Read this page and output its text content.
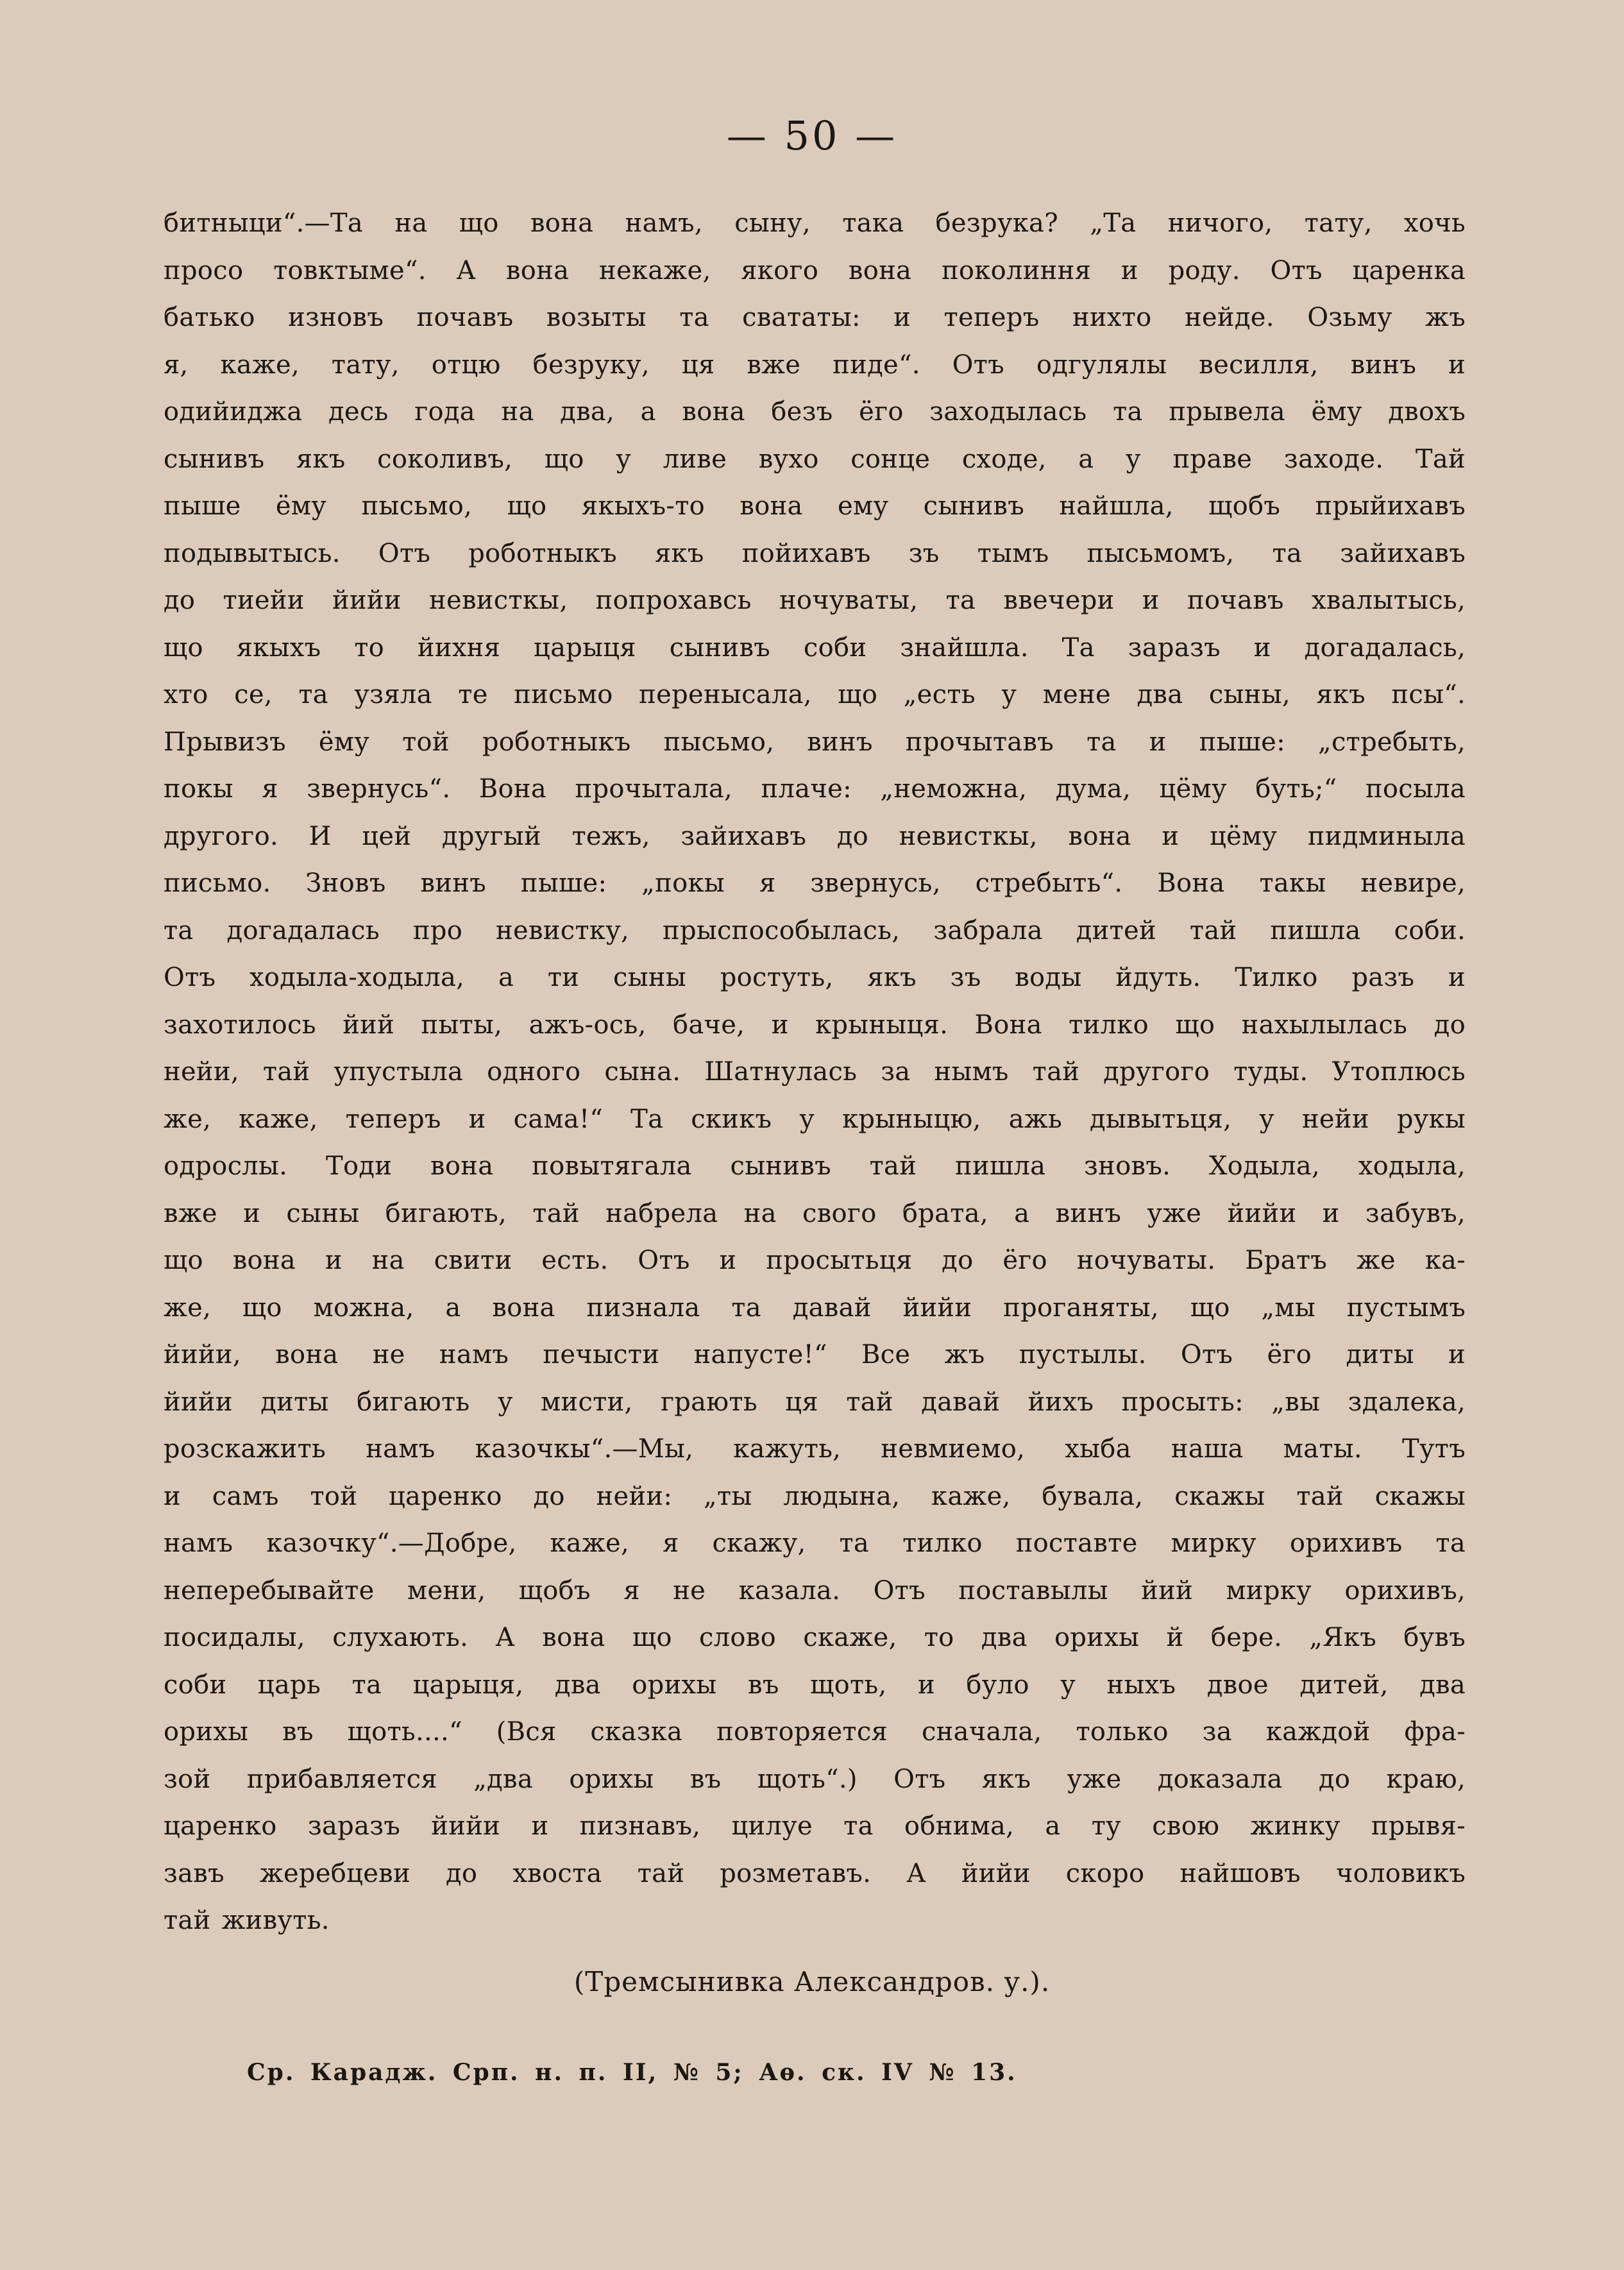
— 50 —
битныци“.—Та на що вона намъ, сыну, така безрука? „Та ничого, тату, хочь
просо товктыме“. А вона некаже, якого вона поколиння и роду. Отъ царенка
батько изновъ почавъ возыты та свататы: и теперъ нихто нейде. Озьму жъ
я, каже, тату, отцю безруку, ця вже пиде“. Отъ одгулялы весилля, винъ и
одийиджа десь года на два, а вона безъ ёго заходылась та прывела ёму двохъ
сынивъ якъ соколивъ, що у ливе вухо сонце сходе, а у праве заходе. Тай
пыше ёму пысьмо, що якыхъ-то вона ему сынивъ найшла, щобъ прыйихавъ
подывытысь. Отъ роботныкъ якъ пойихавъ зъ тымъ пысьмомъ, та зайихавъ
до тиейи йийи невисткы, попрохавсь ночуваты, та ввечери и почавъ хвалытысь,
що якыхъ то йихня царыця сынивъ соби знайшла. Та заразъ и догадалась,
хто се, та узяла те письмо переныcала, що „есть у мене два сыны, якъ псы“.
Прывизъ ёму той роботныкъ пысьмо, винъ прочытавъ та и пыше: „стребыть,
покы я звернусь“. Вона прочытала, плаче: „неможна, дума, цёму буть;“ посыла
другого. И цей другый тежъ, зайихавъ до невисткы, вона и цёму пидминыла
письмо. Зновъ винъ пыше: „покы я звернусь, стребыть“. Вона такы невире,
та догадалась про невистку, прыспособылась, забрала дитей тай пишла соби.
Отъ ходыла-ходыла, а ти сыны ростуть, якъ зъ воды йдуть. Тилко разъ и
захотилось йий пыты, ажъ-ось, баче, и крыныця. Вона тилко що нахылылась до
нейи, тай упустыла одного сына. Шатнулась за нымъ тай другого туды. Утоплюсь
же, каже, теперъ и сама!“ Та скикъ у крыныцю, ажь дывытьця, у нейи рукы
одрослы. Тоди вона повытягала сынивъ тай пишла зновъ. Ходыла, ходыла,
вже и сыны бигають, тай набрела на свого брата, а винъ уже йийи и забувъ,
що вона и на свити есть. Отъ и просытьця до ёго ночуваты. Братъ же ка-
же, що можна, а вона пизнала та давай йийи проганяты, що „мы пустымъ
йийи, вона не намъ печысти напусте!“ Все жъ пустылы. Отъ ёго диты и
йийи диты бигають у мисти, грають ця тай давай йихъ просыть: „вы здалека,
розскажить намъ казочкы“.—Мы, кажуть, невмиемо, хыба наша маты. Тутъ
и самъ той царенко до нейи: „ты людына, каже, бувала, скажы тай скажы
намъ казочку“.—Добре, каже, я скажу, та тилко поставте мирку орихивъ та
неперебывайте мени, щобъ я не казала. Отъ поставылы йий мирку орихивъ,
посидалы, слухають. А вона що слово скаже, то два орихы й бере. „Якъ бувъ
соби царь та царыця, два орихы въ щоть, и було у ныхъ двое дитей, два
орихы въ щоть....“ (Вся сказка повторяется сначала, только за каждой фра-
зой прибавляется „два орихы въ щоть“.) Отъ якъ уже доказала до краю,
царенко заразъ йийи и пизнавъ, цилуе та обнима, а ту свою жинку прывя-
завъ жеребцеви до хвоста тай розметавъ. А йийи скоро найшовъ чоловикъ
тай живуть.
(Тремсынивка Александров. у.).
Ср. Карадж. Срп. н. п. II, № 5; Аѳ. ск. IV № 13.
